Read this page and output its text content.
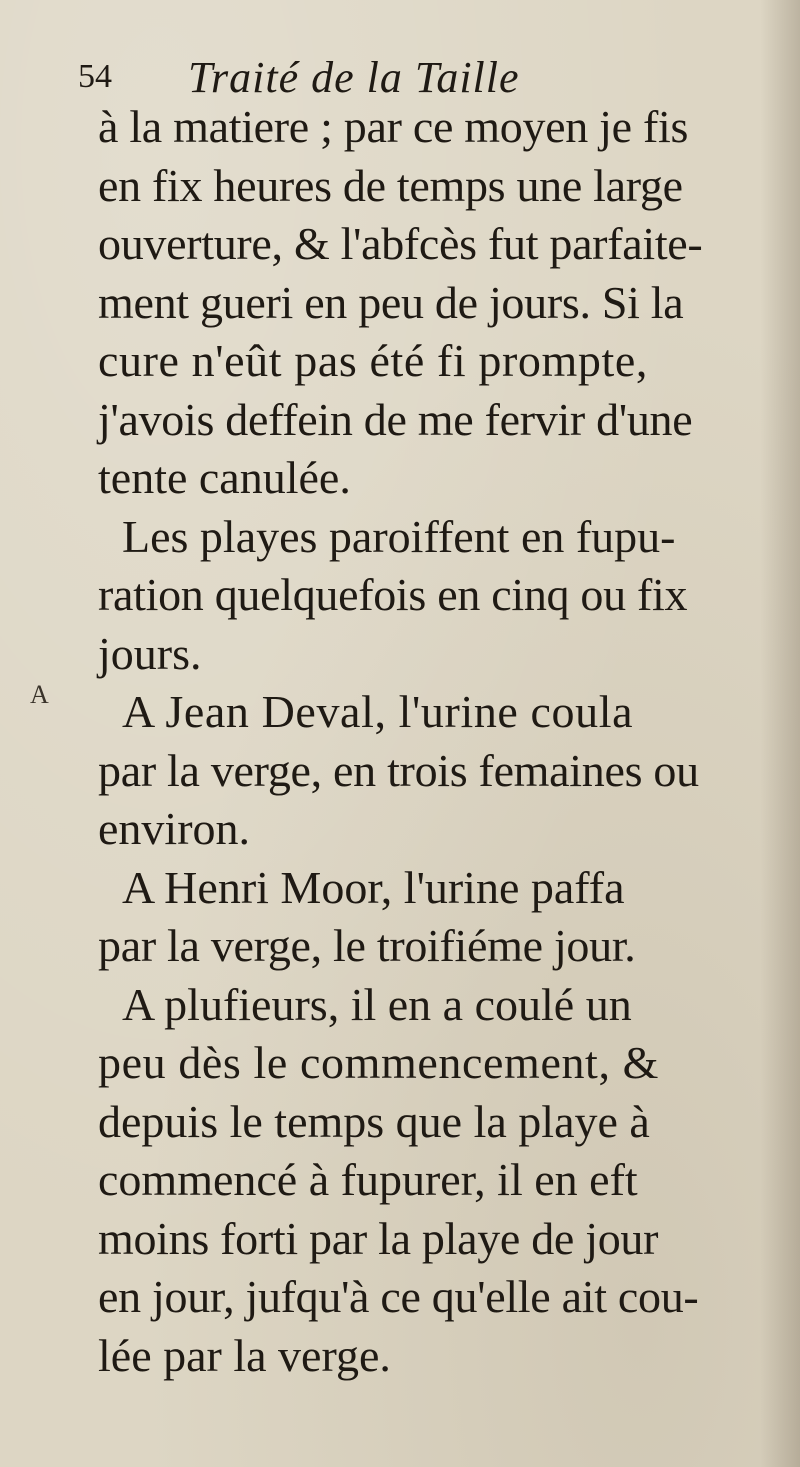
54 Traité de la Taille
A
à la matiere ; par ce moyen je fis
en fix heures de temps une large
ouverture, & l'abfcès fut parfaite-
ment gueri en peu de jours. Si la
cure n'eût pas été fi prompte,
j'avois deffein de me fervir d'une
tente canulée.
Les playes paroiffent en fupu-
ration quelquefois en cinq ou fix
jours.
A Jean Deval, l'urine coula
par la verge, en trois femaines ou
environ.
A Henri Moor, l'urine paffa
par la verge, le troifiéme jour.
A plufieurs, il en a coulé un
peu dès le commencement, &
depuis le temps que la playe à
commencé à fupurer, il en eft
moins forti par la playe de jour
en jour, jufqu'à ce qu'elle ait cou-
lée par la verge.
